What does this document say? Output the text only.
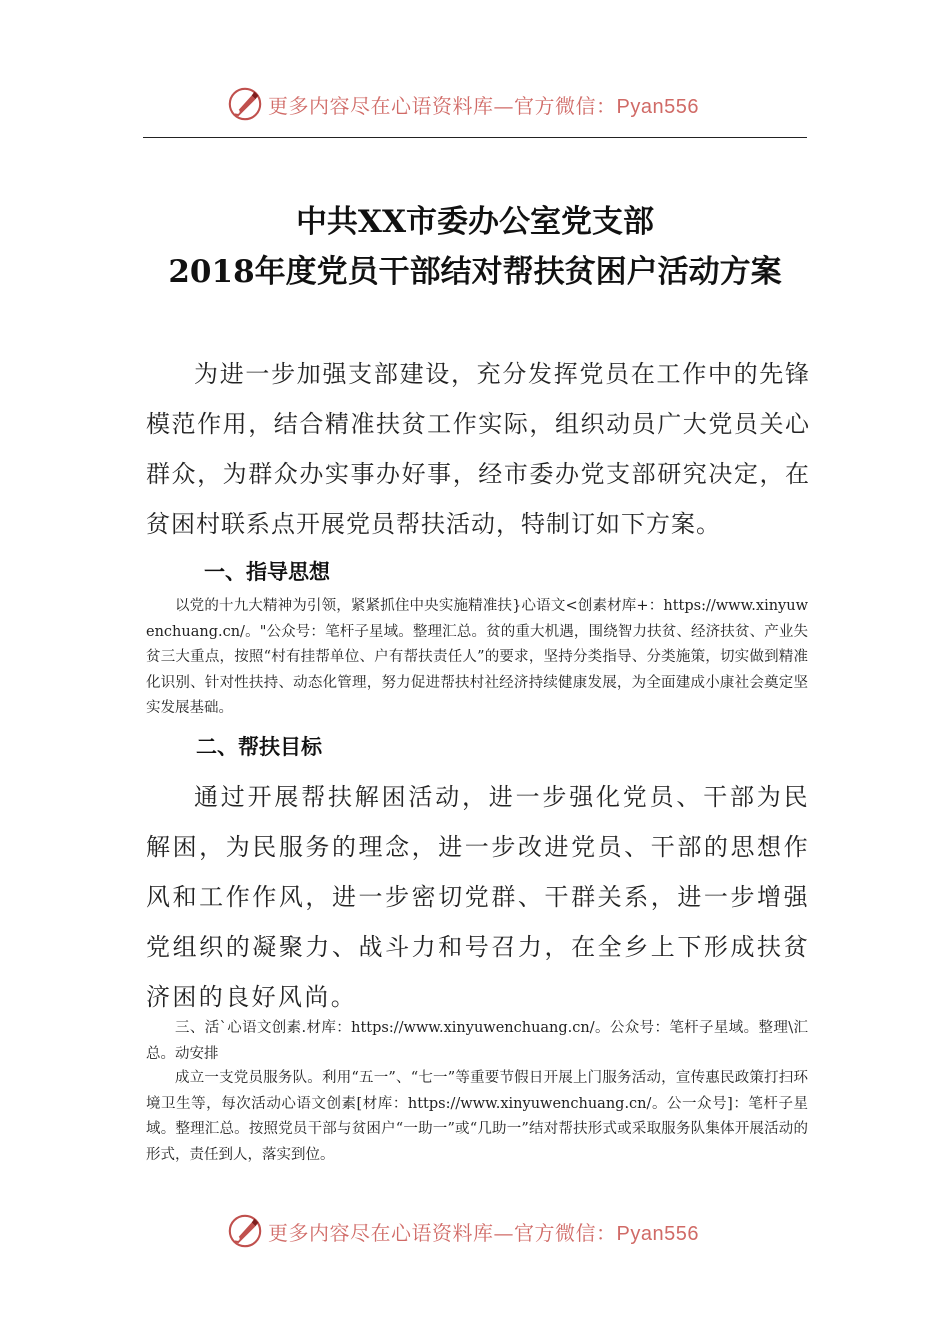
更多内容尽在心语资料库—官方微信：Pyan556
中共XX市委办公室党支部
2018年度党员干部结对帮扶贫困户活动方案
为进一步加强支部建设，充分发挥党员在工作中的先锋模范作用，结合精准扶贫工作实际，组织动员广大党员关心群众，为群众办实事办好事，经市委办党支部研究决定，在贫困村联系点开展党员帮扶活动，特制订如下方案。
一、指导思想
以党的十九大精神为引领，紧紧抓住中央实施精准扶}心语文<创素材库+：https://www.xinyuwenchuang.cn/。"公众号：笔杆子星域。整理汇总。贫的重大机遇，围绕智力扶贫、经济扶贫、产业失贫三大重点，按照“村有挂帮单位、户有帮扶责任人”的要求，坚持分类指导、分类施策，切实做到精准化识别、针对性扶持、动态化管理，努力促进帮扶村社经济持续健康发展，为全面建成小康社会奠定坚实发展基础。
二、帮扶目标
通过开展帮扶解困活动，进一步强化党员、干部为民解困，为民服务的理念，进一步改进党员、干部的思想作风和工作作风，进一步密切党群、干群关系，进一步增强党组织的凝聚力、战斗力和号召力，在全乡上下形成扶贫济困的良好风尚。
三、活`心语文创素.材库：https://www.xinyuwenchuang.cn/。公众号：笔杆子星域。整理\汇总。动安排
成立一支党员服务队。利用“五一”、“七一”等重要节假日开展上门服务活动，宣传惠民政策打扫环境卫生等，每次活动心语文创素[材库：https://www.xinyuwenchuang.cn/。公一众号]：笔杆子星域。整理汇总。按照党员干部与贫困户“一助一”或“几助一”结对帮扶形式或采取服务队集体开展活动的形式，责任到人，落实到位。
更多内容尽在心语资料库—官方微信：Pyan556
